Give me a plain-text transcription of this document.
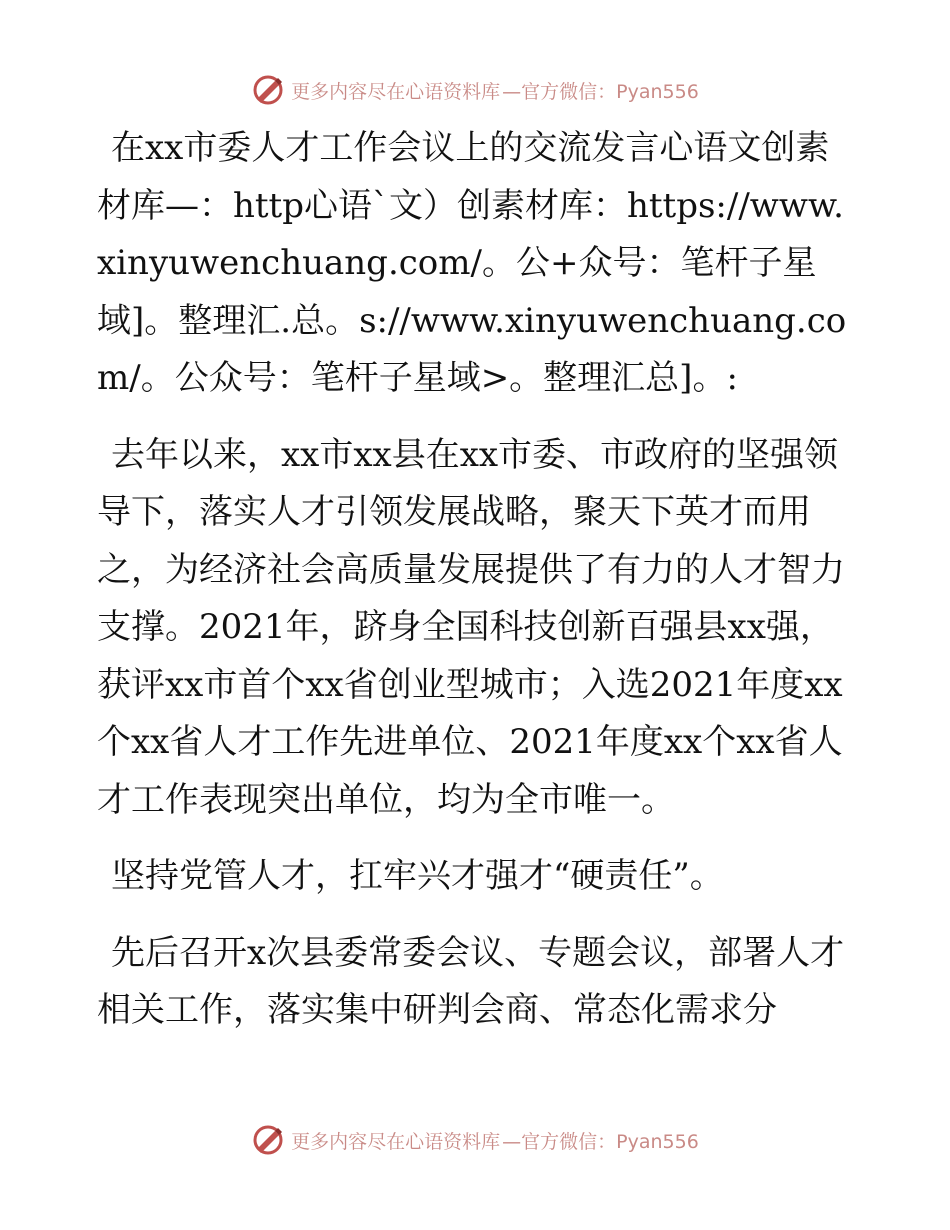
更多内容尽在心语资料库 —官方微信：Pyan556

在xx市委人才工作会议上的交流发言心语文创素材库—：http心语`文）创素材库：https://www.xinyuwenchuang.com/。公+众号：笔杆子星域]。整理汇.总。s://www.xinyuwenchuang.com/。公众号：笔杆子星域>。整理汇总]。:

去年以来，xx市xx县在xx市委、市政府的坚强领导下，落实人才引领发展战略，聚天下英才而用之，为经济社会高质量发展提供了有力的人才智力支撑。2021年，跻身全国科技创新百强县xx强，获评xx市首个xx省创业型城市；入选2021年度xx个xx省人才工作先进单位、2021年度xx个xx省人才工作表现突出单位，均为全市唯一。

坚持党管人才，扛牢兴才强才“硬责任”。

先后召开x次县委常委会议、专题会议，部署人才相关工作，落实集中研判会商、常态化需求分

更多内容尽在心语资料库 —官方微信：Pyan556
